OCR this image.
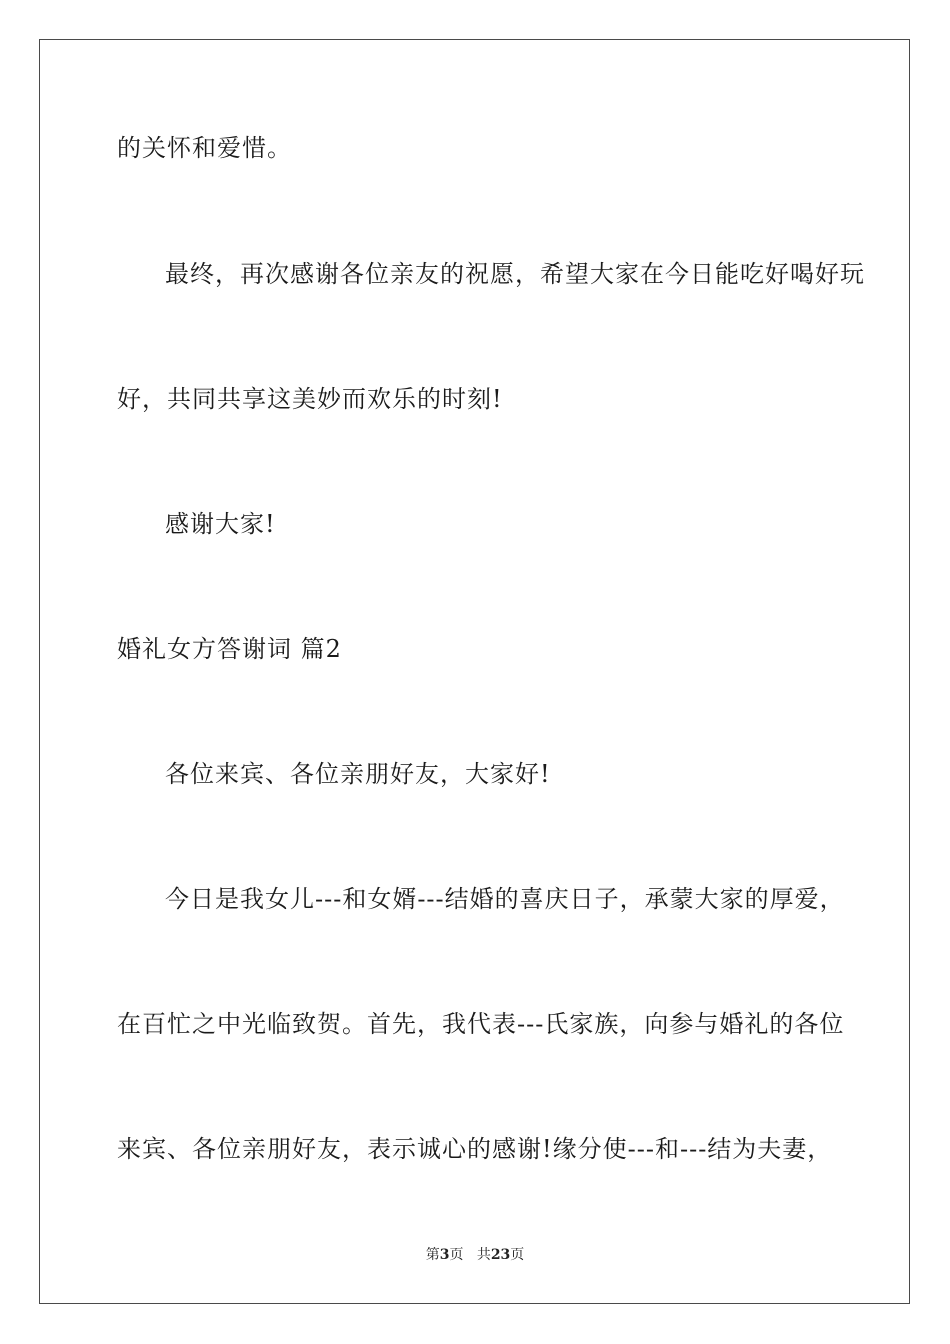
的关怀和爱惜。
最终，再次感谢各位亲友的祝愿，希望大家在今日能吃好喝好玩
好，共同共享这美妙而欢乐的时刻!
感谢大家!
婚礼女方答谢词 篇2
各位来宾、各位亲朋好友，大家好!
今日是我女儿---和女婿---结婚的喜庆日子，承蒙大家的厚爱，
在百忙之中光临致贺。首先，我代表---氏家族，向参与婚礼的各位
来宾、各位亲朋好友，表示诚心的感谢!缘分使---和---结为夫妻，
第3页 共23页
